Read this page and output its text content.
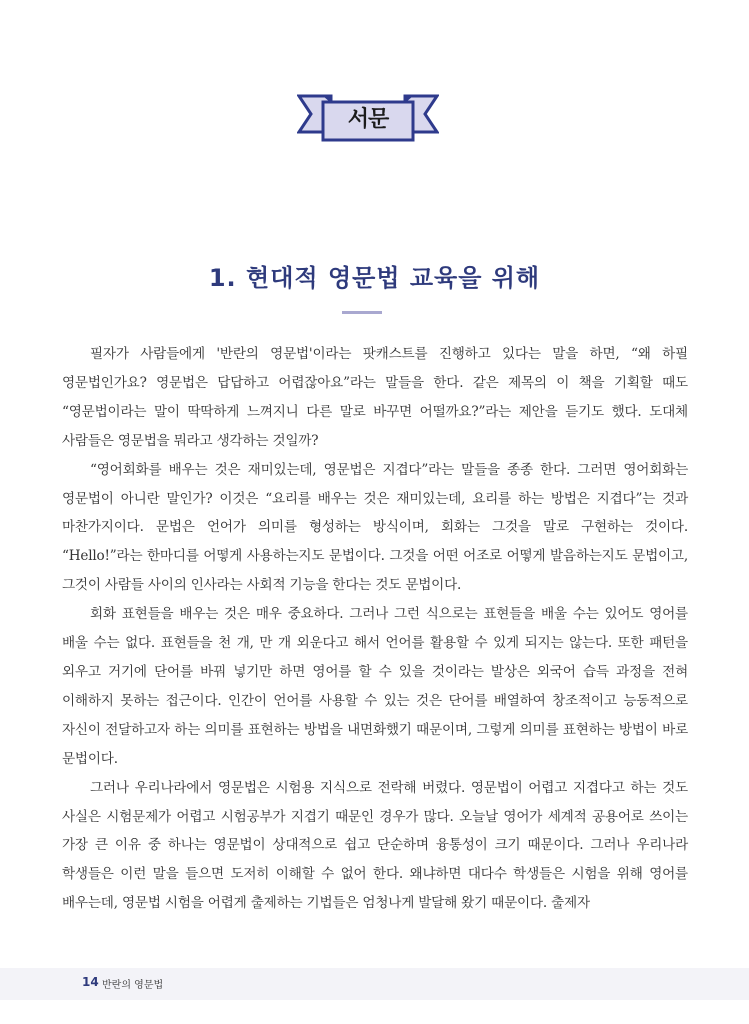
서문
1. 현대적 영문법 교육을 위해

필자가 사람들에게 '반란의 영문법'이라는 팟캐스트를 진행하고 있다는 말을 하면, “왜 하필 영문법인가요? 영문법은 답답하고 어렵잖아요”라는 말들을 한다. 같은 제목의 이 책을 기획할 때도 “영문법이라는 말이 딱딱하게 느껴지니 다른 말로 바꾸면 어떨까요?”라는 제안을 듣기도 했다. 도대체 사람들은 영문법을 뭐라고 생각하는 것일까?

“영어회화를 배우는 것은 재미있는데, 영문법은 지겹다”라는 말들을 종종 한다. 그러면 영어회화는 영문법이 아니란 말인가? 이것은 “요리를 배우는 것은 재미있는데, 요리를 하는 방법은 지겹다”는 것과 마찬가지이다. 문법은 언어가 의미를 형성하는 방식이며, 회화는 그것을 말로 구현하는 것이다. “Hello!”라는 한마디를 어떻게 사용하는지도 문법이다. 그것을 어떤 어조로 어떻게 발음하는지도 문법이고, 그것이 사람들 사이의 인사라는 사회적 기능을 한다는 것도 문법이다.

회화 표현들을 배우는 것은 매우 중요하다. 그러나 그런 식으로는 표현들을 배울 수는 있어도 영어를 배울 수는 없다. 표현들을 천 개, 만 개 외운다고 해서 언어를 활용할 수 있게 되지는 않는다. 또한 패턴을 외우고 거기에 단어를 바꿔 넣기만 하면 영어를 할 수 있을 것이라는 발상은 외국어 습득 과정을 전혀 이해하지 못하는 접근이다. 인간이 언어를 사용할 수 있는 것은 단어를 배열하여 창조적이고 능동적으로 자신이 전달하고자 하는 의미를 표현하는 방법을 내면화했기 때문이며, 그렇게 의미를 표현하는 방법이 바로 문법이다.

그러나 우리나라에서 영문법은 시험용 지식으로 전락해 버렸다. 영문법이 어렵고 지겹다고 하는 것도 사실은 시험문제가 어렵고 시험공부가 지겹기 때문인 경우가 많다. 오늘날 영어가 세계적 공용어로 쓰이는 가장 큰 이유 중 하나는 영문법이 상대적으로 쉽고 단순하며 융통성이 크기 때문이다. 그러나 우리나라 학생들은 이런 말을 들으면 도저히 이해할 수 없어 한다. 왜냐하면 대다수 학생들은 시험을 위해 영어를 배우는데, 영문법 시험을 어렵게 출제하는 기법들은 엄청나게 발달해 왔기 때문이다. 출제자

14 반란의 영문법
